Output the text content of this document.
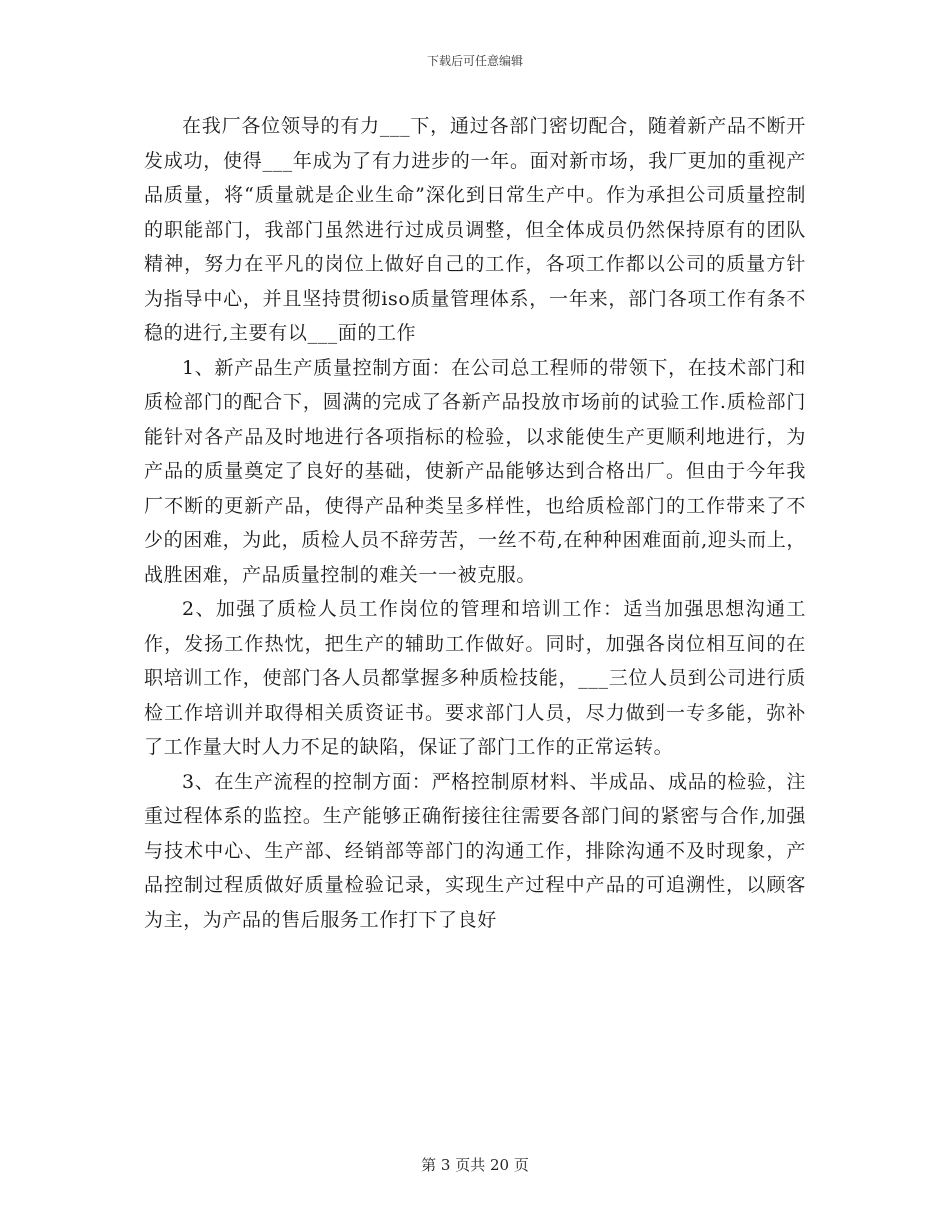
下载后可任意编辑

在我厂各位领导的有力___下，通过各部门密切配合，随着新产品不断开发成功，使得___年成为了有力进步的一年。面对新市场，我厂更加的重视产品质量，将“质量就是企业生命”深化到日常生产中。作为承担公司质量控制的职能部门，我部门虽然进行过成员调整，但全体成员仍然保持原有的团队精神，努力在平凡的岗位上做好自己的工作，各项工作都以公司的质量方针为指导中心，并且坚持贯彻iso质量管理体系，一年来，部门各项工作有条不稳的进行,主要有以___面的工作

1、新产品生产质量控制方面：在公司总工程师的带领下，在技术部门和质检部门的配合下，圆满的完成了各新产品投放市场前的试验工作.质检部门能针对各产品及时地进行各项指标的检验，以求能使生产更顺利地进行，为产品的质量奠定了良好的基础，使新产品能够达到合格出厂。但由于今年我厂不断的更新产品，使得产品种类呈多样性，也给质检部门的工作带来了不少的困难，为此，质检人员不辞劳苦，一丝不苟,在种种困难面前,迎头而上，战胜困难，产品质量控制的难关一一被克服。

2、加强了质检人员工作岗位的管理和培训工作：适当加强思想沟通工作，发扬工作热忱，把生产的辅助工作做好。同时，加强各岗位相互间的在职培训工作，使部门各人员都掌握多种质检技能，___三位人员到公司进行质检工作培训并取得相关质资证书。要求部门人员，尽力做到一专多能，弥补了工作量大时人力不足的缺陷，保证了部门工作的正常运转。

3、在生产流程的控制方面：严格控制原材料、半成品、成品的检验，注重过程体系的监控。生产能够正确衔接往往需要各部门间的紧密与合作,加强与技术中心、生产部、经销部等部门的沟通工作，排除沟通不及时现象，产品控制过程质做好质量检验记录，实现生产过程中产品的可追溯性，以顾客为主，为产品的售后服务工作打下了良好

第 3 页共 20 页
